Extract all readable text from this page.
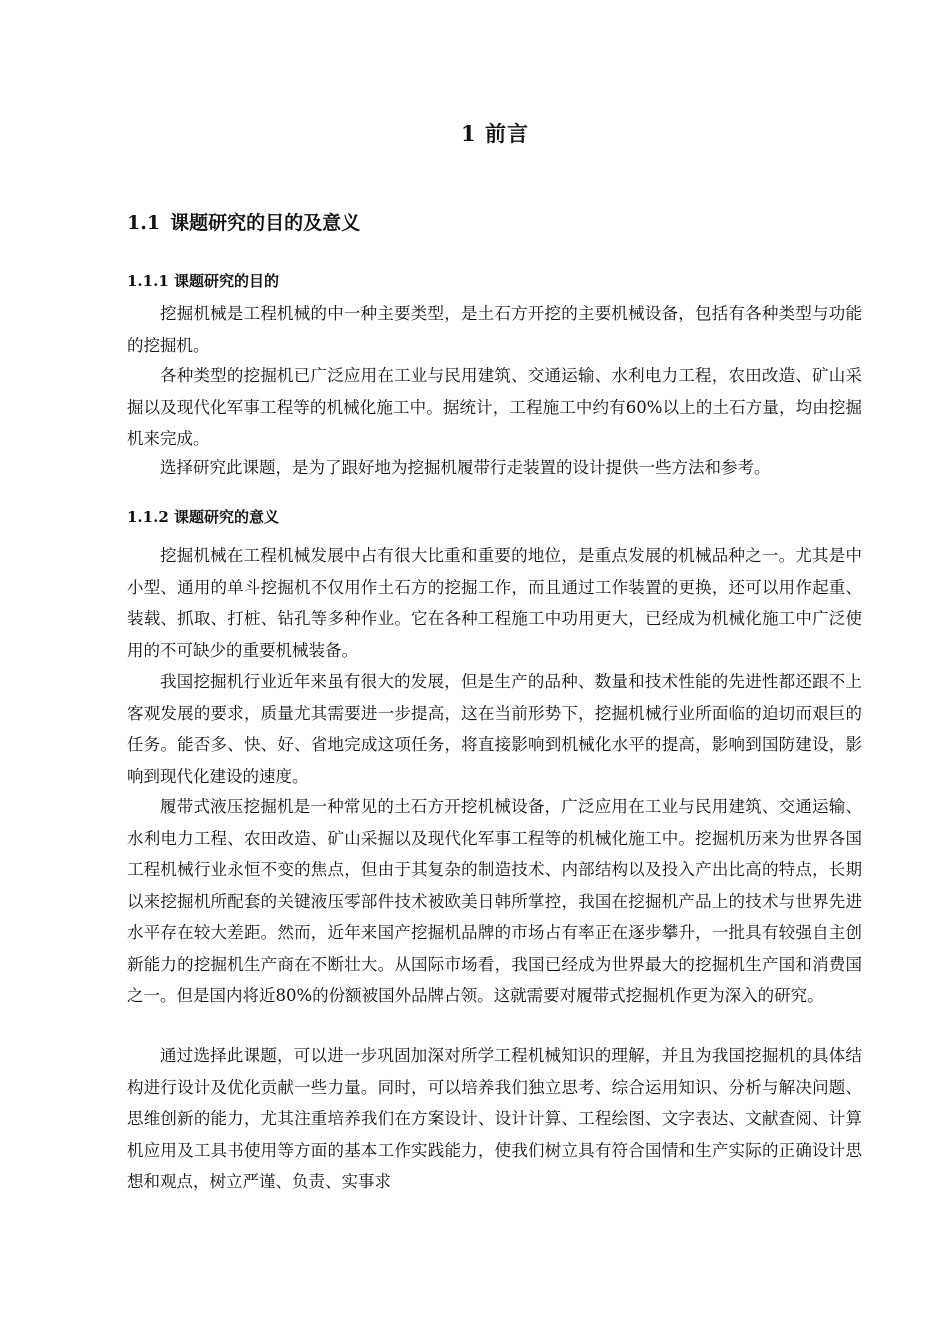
1 前言
1.1 课题研究的目的及意义
1.1.1 课题研究的目的

挖掘机械是工程机械的中一种主要类型，是土石方开挖的主要机械设备，包括有各种类型与功能的挖掘机。

各种类型的挖掘机已广泛应用在工业与民用建筑、交通运输、水利电力工程，农田改造、矿山采掘以及现代化军事工程等的机械化施工中。据统计，工程施工中约有60%以上的土石方量，均由挖掘机来完成。

选择研究此课题，是为了跟好地为挖掘机履带行走装置的设计提供一些方法和参考。

1.1.2 课题研究的意义

挖掘机械在工程机械发展中占有很大比重和重要的地位，是重点发展的机械品种之一。尤其是中小型、通用的单斗挖掘机不仅用作土石方的挖掘工作，而且通过工作装置的更换，还可以用作起重、装载、抓取、打桩、钻孔等多种作业。它在各种工程施工中功用更大，已经成为机械化施工中广泛使用的不可缺少的重要机械装备。

我国挖掘机行业近年来虽有很大的发展，但是生产的品种、数量和技术性能的先进性都还跟不上客观发展的要求，质量尤其需要进一步提高，这在当前形势下，挖掘机械行业所面临的迫切而艰巨的任务。能否多、快、好、省地完成这项任务，将直接影响到机械化水平的提高，影响到国防建设，影响到现代化建设的速度。

履带式液压挖掘机是一种常见的土石方开挖机械设备，广泛应用在工业与民用建筑、交通运输、水利电力工程、农田改造、矿山采掘以及现代化军事工程等的机械化施工中。挖掘机历来为世界各国工程机械行业永恒不变的焦点，但由于其复杂的制造技术、内部结构以及投入产出比高的特点，长期以来挖掘机所配套的关键液压零部件技术被欧美日韩所掌控，我国在挖掘机产品上的技术与世界先进水平存在较大差距。然而，近年来国产挖掘机品牌的市场占有率正在逐步攀升，一批具有较强自主创新能力的挖掘机生产商在不断壮大。从国际市场看，我国已经成为世界最大的挖掘机生产国和消费国之一。但是国内将近80%的份额被国外品牌占领。这就需要对履带式挖掘机作更为深入的研究。

通过选择此课题，可以进一步巩固加深对所学工程机械知识的理解，并且为我国挖掘机的具体结构进行设计及优化贡献一些力量。同时，可以培养我们独立思考、综合运用知识、分析与解决问题、思维创新的能力，尤其注重培养我们在方案设计、设计计算、工程绘图、文字表达、文献查阅、计算机应用及工具书使用等方面的基本工作实践能力，使我们树立具有符合国情和生产实际的正确设计思想和观点，树立严谨、负责、实事求
